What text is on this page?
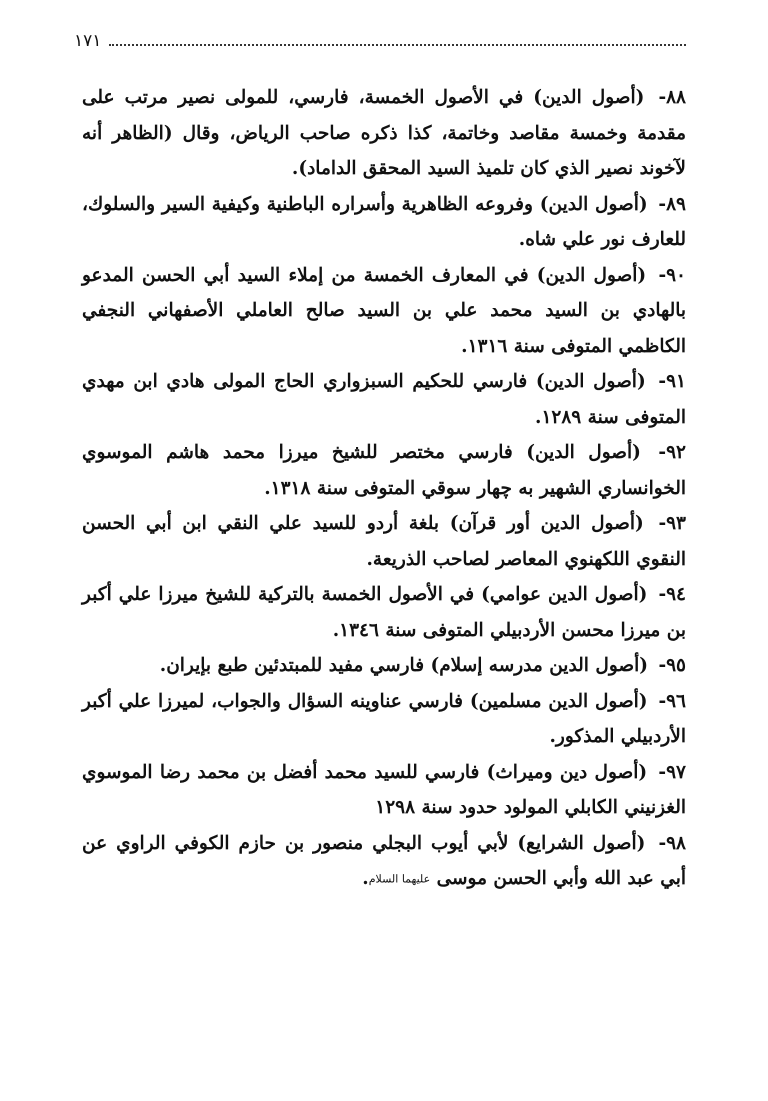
١٧١

٨٨- (أصول الدين) في الأصول الخمسة، فارسي، للمولى نصير مرتب على مقدمة وخمسة مقاصد وخاتمة، كذا ذكره صاحب الرياض، وقال (الظاهر أنه لآخوند نصير الذي كان تلميذ السيد المحقق الداماد).

٨٩- (أصول الدين) وفروعه الظاهرية وأسراره الباطنية وكيفية السير والسلوك، للعارف نور علي شاه.

٩٠- (أصول الدين) في المعارف الخمسة من إملاء السيد أبي الحسن المدعو بالهادي بن السيد محمد علي بن السيد صالح العاملي الأصفهاني النجفي الكاظمي المتوفى سنة ١٣١٦.

٩١- (أصول الدين) فارسي للحكيم السبزواري الحاج المولى هادي ابن مهدي المتوفى سنة ١٢٨٩.

٩٢- (أصول الدين) فارسي مختصر للشيخ ميرزا محمد هاشم الموسوي الخوانساري الشهير به چهار سوقي المتوفى سنة ١٣١٨.

٩٣- (أصول الدين أور قرآن) بلغة أردو للسيد علي النقي ابن أبي الحسن النقوي اللكهنوي المعاصر لصاحب الذريعة.

٩٤- (أصول الدين عوامي) في الأصول الخمسة بالتركية للشيخ ميرزا علي أكبر بن ميرزا محسن الأردبيلي المتوفى سنة ١٣٤٦.

٩٥- (أصول الدين مدرسه إسلام) فارسي مفيد للمبتدئين طبع بإيران.

٩٦- (أصول الدين مسلمين) فارسي عناوينه السؤال والجواب، لميرزا علي أكبر الأردبيلي المذكور.

٩٧- (أصول دين وميراث) فارسي للسيد محمد أفضل بن محمد رضا الموسوي الغزنيني الكابلي المولود حدود سنة ١٢٩٨

٩٨- (أصول الشرايع) لأبي أيوب البجلي منصور بن حازم الكوفي الراوي عن أبي عبد الله وأبي الحسن موسى عليهما السلام.
